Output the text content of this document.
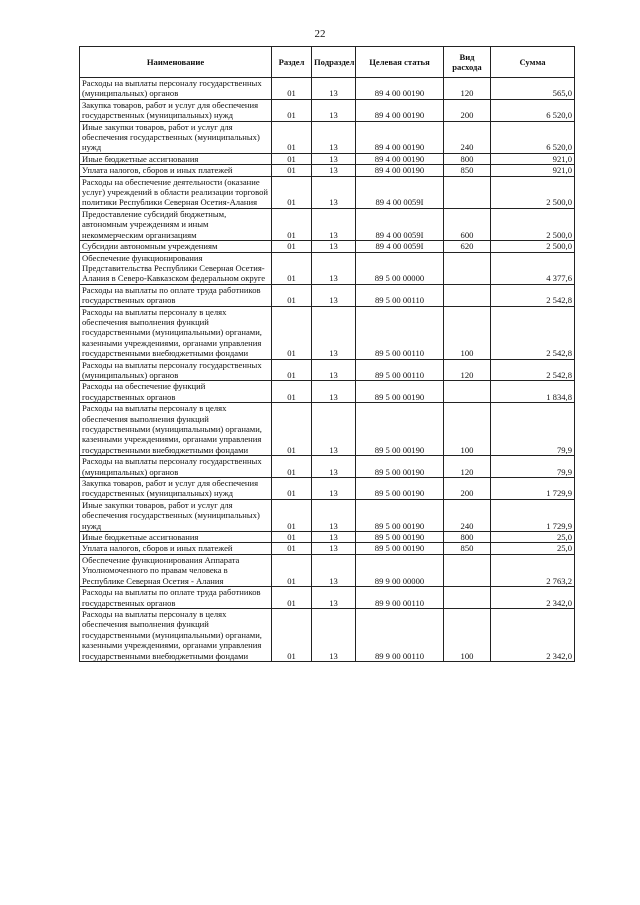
22
Наименование	Раздел	Подраздел	Целевая статья	Вид расхода	Сумма
Расходы на выплаты персоналу государственных (муниципальных) органов	01	13	89 4 00 00190	120	565,0
Закупка товаров, работ и услуг для обеспечения государственных (муниципальных) нужд	01	13	89 4 00 00190	200	6 520,0
Иные закупки товаров, работ и услуг для обеспечения государственных (муниципальных) нужд	01	13	89 4 00 00190	240	6 520,0
Иные бюджетные ассигнования	01	13	89 4 00 00190	800	921,0
Уплата налогов, сборов и иных платежей	01	13	89 4 00 00190	850	921,0
Расходы на обеспечение деятельности (оказание услуг) учреждений в области реализации торговой политики Республики Северная Осетия-Алания	01	13	89 4 00 0059I		2 500,0
Предоставление субсидий бюджетным, автономным учреждениям и иным некоммерческим организациям	01	13	89 4 00 0059I	600	2 500,0
Субсидии автономным учреждениям	01	13	89 4 00 0059I	620	2 500,0
Обеспечение функционирования Представительства Республики Северная Осетия-Алания в Северо-Кавказском федеральном округе	01	13	89 5 00 00000		4 377,6
Расходы на выплаты по оплате труда работников государственных органов	01	13	89 5 00 00110		2 542,8
Расходы на выплаты персоналу в целях обеспечения выполнения функций государственными (муниципальными) органами, казенными учреждениями, органами управления государственными внебюджетными фондами	01	13	89 5 00 00110	100	2 542,8
Расходы на выплаты персоналу государственных (муниципальных) органов	01	13	89 5 00 00110	120	2 542,8
Расходы на обеспечение функций государственных органов	01	13	89 5 00 00190		1 834,8
Расходы на выплаты персоналу в целях обеспечения выполнения функций государственными (муниципальными) органами, казенными учреждениями, органами управления государственными внебюджетными фондами	01	13	89 5 00 00190	100	79,9
Расходы на выплаты персоналу государственных (муниципальных) органов	01	13	89 5 00 00190	120	79,9
Закупка товаров, работ и услуг для обеспечения государственных (муниципальных) нужд	01	13	89 5 00 00190	200	1 729,9
Иные закупки товаров, работ и услуг для обеспечения государственных (муниципальных) нужд	01	13	89 5 00 00190	240	1 729,9
Иные бюджетные ассигнования	01	13	89 5 00 00190	800	25,0
Уплата налогов, сборов и иных платежей	01	13	89 5 00 00190	850	25,0
Обеспечение функционирования Аппарата Уполномоченного по правам человека в Республике Северная Осетия - Алания	01	13	89 9 00 00000		2 763,2
Расходы на выплаты по оплате труда работников государственных органов	01	13	89 9 00 00110		2 342,0
Расходы на выплаты персоналу в целях обеспечения выполнения функций государственными (муниципальными) органами, казенными учреждениями, органами управления государственными внебюджетными фондами	01	13	89 9 00 00110	100	2 342,0
